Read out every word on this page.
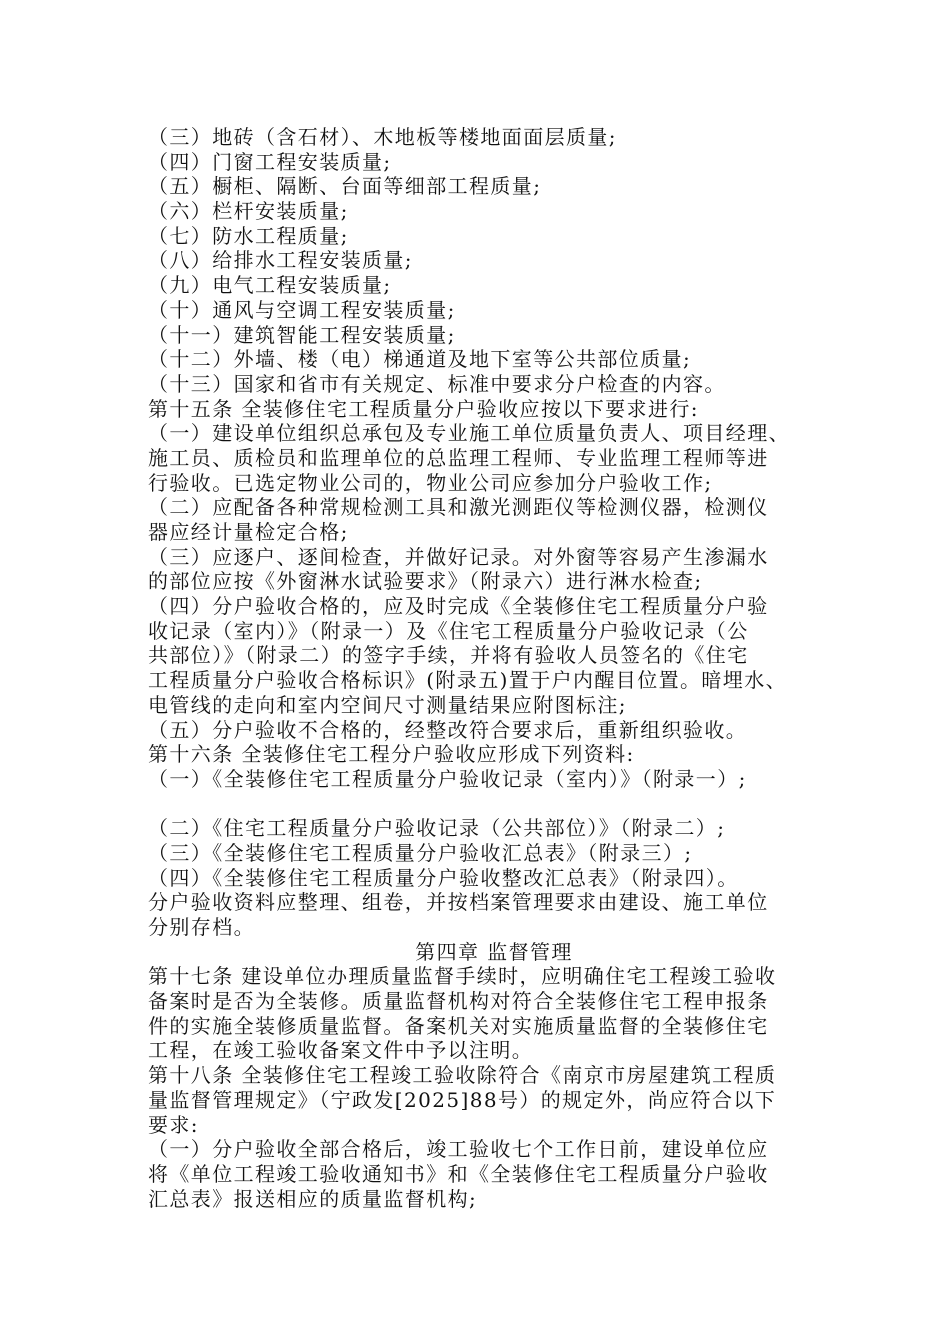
（三）地砖（含石材）、木地板等楼地面面层质量;
（四）门窗工程安装质量;
（五）橱柜、隔断、台面等细部工程质量;
（六）栏杆安装质量;
（七）防水工程质量;
（八）给排水工程安装质量;
（九）电气工程安装质量;
（十）通风与空调工程安装质量;
（十一）建筑智能工程安装质量;
（十二）外墙、楼（电）梯通道及地下室等公共部位质量;
（十三）国家和省市有关规定、标准中要求分户检查的内容。
第十五条 全装修住宅工程质量分户验收应按以下要求进行:
（一）建设单位组织总承包及专业施工单位质量负责人、项目经理、
施工员、质检员和监理单位的总监理工程师、专业监理工程师等进
行验收。已选定物业公司的，物业公司应参加分户验收工作;
（二）应配备各种常规检测工具和激光测距仪等检测仪器，检测仪
器应经计量检定合格;
（三）应逐户、逐间检查，并做好记录。对外窗等容易产生渗漏水
的部位应按《外窗淋水试验要求》（附录六）进行淋水检查;
（四）分户验收合格的，应及时完成《全装修住宅工程质量分户验
收记录（室内）》（附录一）及《住宅工程质量分户验收记录（公
共部位）》（附录二）的签字手续，并将有验收人员签名的《住宅
工程质量分户验收合格标识》(附录五)置于户内醒目位置。暗埋水、
电管线的走向和室内空间尺寸测量结果应附图标注;
（五）分户验收不合格的，经整改符合要求后，重新组织验收。
第十六条 全装修住宅工程分户验收应形成下列资料:
（一）《全装修住宅工程质量分户验收记录（室内）》（附录一）;
（二）《住宅工程质量分户验收记录（公共部位）》（附录二）;
（三）《全装修住宅工程质量分户验收汇总表》（附录三）;
（四）《全装修住宅工程质量分户验收整改汇总表》（附录四）。
分户验收资料应整理、组卷，并按档案管理要求由建设、施工单位
分别存档。
第四章 监督管理
第十七条 建设单位办理质量监督手续时，应明确住宅工程竣工验收
备案时是否为全装修。质量监督机构对符合全装修住宅工程申报条
件的实施全装修质量监督。备案机关对实施质量监督的全装修住宅
工程，在竣工验收备案文件中予以注明。
第十八条 全装修住宅工程竣工验收除符合《南京市房屋建筑工程质
量监督管理规定》（宁政发[2025]88号）的规定外，尚应符合以下
要求:
（一）分户验收全部合格后，竣工验收七个工作日前，建设单位应
将《单位工程竣工验收通知书》和《全装修住宅工程质量分户验收
汇总表》报送相应的质量监督机构;
